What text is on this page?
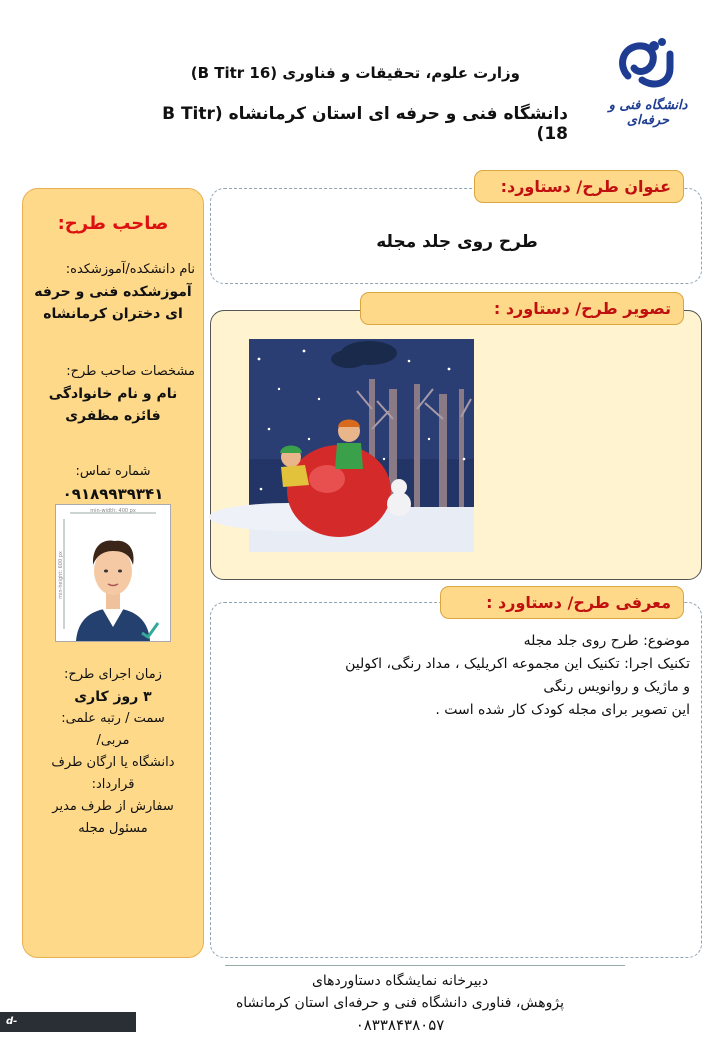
وزارت علوم، تحقیقات و فناوری (B Titr 16)
دانشگاه فنی و حرفه ای استان کرمانشاه (B Titr 18)
دانشگاه فنی و حرفه‌ای
صاحب طرح:
نام دانشکده/آموزشکده:
آموزشکده فنی و حرفه ای دختران کرمانشاه
مشخصات صاحب طرح:
نام و نام خانوادگی
فائزه مظفری
شماره تماس:
۰۹۱۸۹۹۳۹۳۴۱
min-width: 400 px
min-height: 600 px
زمان اجرای طرح:
۳ روز کاری
سمت / رتبه علمی:
مربی/
دانشگاه یا ارگان طرف قرارداد:
سفارش از طرف مدیر مسئول مجله
عنوان طرح/ دستاورد:
طرح روی جلد مجله
تصویر طرح/ دستاورد :
معرفی طرح/ دستاورد :
موضوع: طرح روی جلد مجله
تکنیک اجرا: تکنیک این مجموعه اکریلیک ، مداد رنگی، اکولین
و ماژیک و روانویس رنگی
این تصویر برای مجله کودک کار شده است .
دبیرخانه نمایشگاه دستاوردهای
پژوهش، فناوری دانشگاه فنی و حرفه‌ای استان کرمانشاه
۰۸۳۳۸۴۳۸۰۵۷
d-kermanshah.tvu.ac.ir
